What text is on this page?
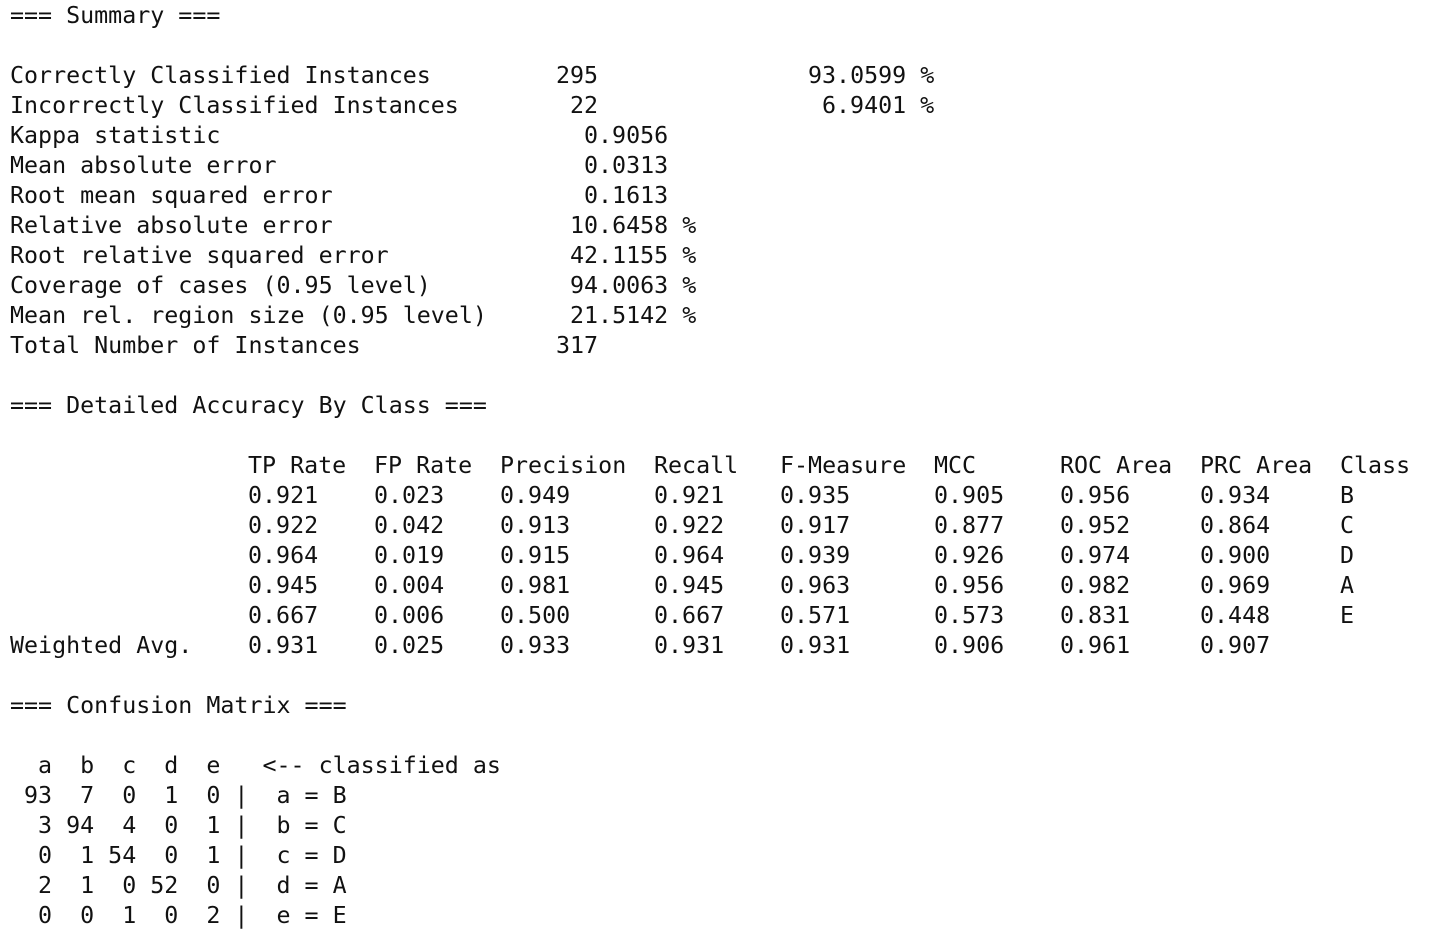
=== Summary ===
Correctly Classified Instances	295	93.0599 %
Incorrectly Classified Instances	22	6.9401 %
Kappa statistic	0.9056
Mean absolute error	0.0313
Root mean squared error	0.1613
Relative absolute error	10.6458 %
Root relative squared error	42.1155 %
Coverage of cases (0.95 level)	94.0063 %
Mean rel. region size (0.95 level)	21.5142 %
Total Number of Instances	317
=== Detailed Accuracy By Class ===
TP Rate FP Rate Precision Recall F-Measure MCC	ROC Area PRC Area Class
0.921 0.023 0.949	0.921 0.935	0.905 0.956	0.934	B
0.922 0.042 0.913	0.922 0.917	0.877 0.952	0.864	C
0.964 0.019 0.915	0.964 0.939	0.926 0.974	0.900	D
0.945 0.004 0.981	0.945 0.963	0.956 0.982	0.969	A
0.667 0.006 0.500	0.667 0.571	0.573 0.831	0.448	E
Weighted Avg. 0.931 0.025 0.933	0.931 0.931	0.906 0.961	0.907
=== Confusion Matrix ===
a  b  c  d  e   <-- classified as
93  7  0  1  0 |  a = B
3 94  4  0  1 |  b = C
0  1 54  0  1 |  c = D
2  1  0 52  0 |  d = A
0  0  1  0  2 |  e = E
